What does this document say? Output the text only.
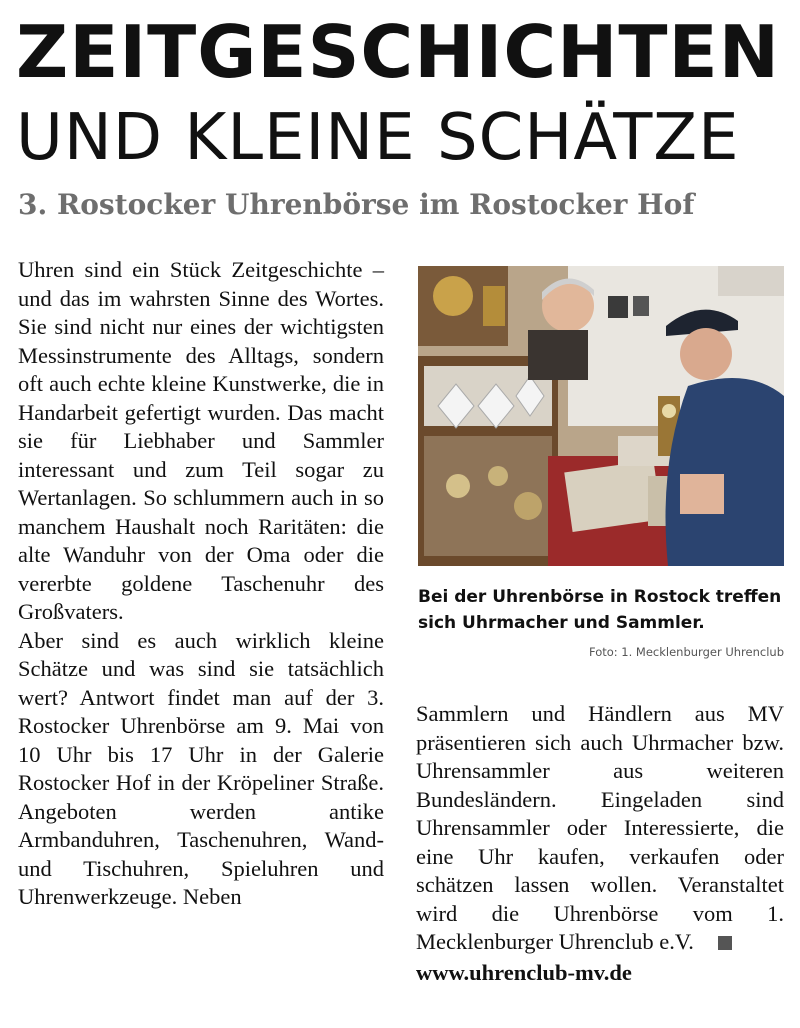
ZEITGESCHICHTEN
UND KLEINE SCHÄTZE
3. Rostocker Uhrenbörse im Rostocker Hof

Uhren sind ein Stück Zeitgeschichte – und das im wahrsten Sinne des Wortes. Sie sind nicht nur eines der wichtigsten Messinstrumente des Alltags, sondern oft auch echte kleine Kunstwerke, die in Handarbeit gefertigt wurden. Das macht sie für Liebhaber und Sammler interessant und zum Teil sogar zu Wertanlagen. So schlummern auch in so manchem Haushalt noch Raritäten: die alte Wanduhr von der Oma oder die vererbte goldene Taschenuhr des Großvaters.

Aber sind es auch wirklich kleine Schätze und was sind sie tatsächlich wert? Antwort findet man auf der 3. Rostocker Uhrenbörse am 9. Mai von 10 Uhr bis 17 Uhr in der Galerie Rostocker Hof in der Kröpeliner Straße. Angeboten werden antike Armbanduhren, Taschenuhren, Wand- und Tischuhren, Spieluhren und Uhrenwerkzeuge. Neben

Bei der Uhrenbörse in Rostock treffen sich Uhrmacher und Sammler.

Foto: 1. Mecklenburger Uhrenclub

Sammlern und Händlern aus MV präsentieren sich auch Uhrmacher bzw. Uhrensammler aus weiteren Bundesländern. Eingeladen sind Uhrensammler oder Interessierte, die eine Uhr kaufen, verkaufen oder schätzen lassen wollen. Veranstaltet wird die Uhrenbörse vom 1. Mecklenburger Uhrenclub e.V.

www.uhrenclub-mv.de
